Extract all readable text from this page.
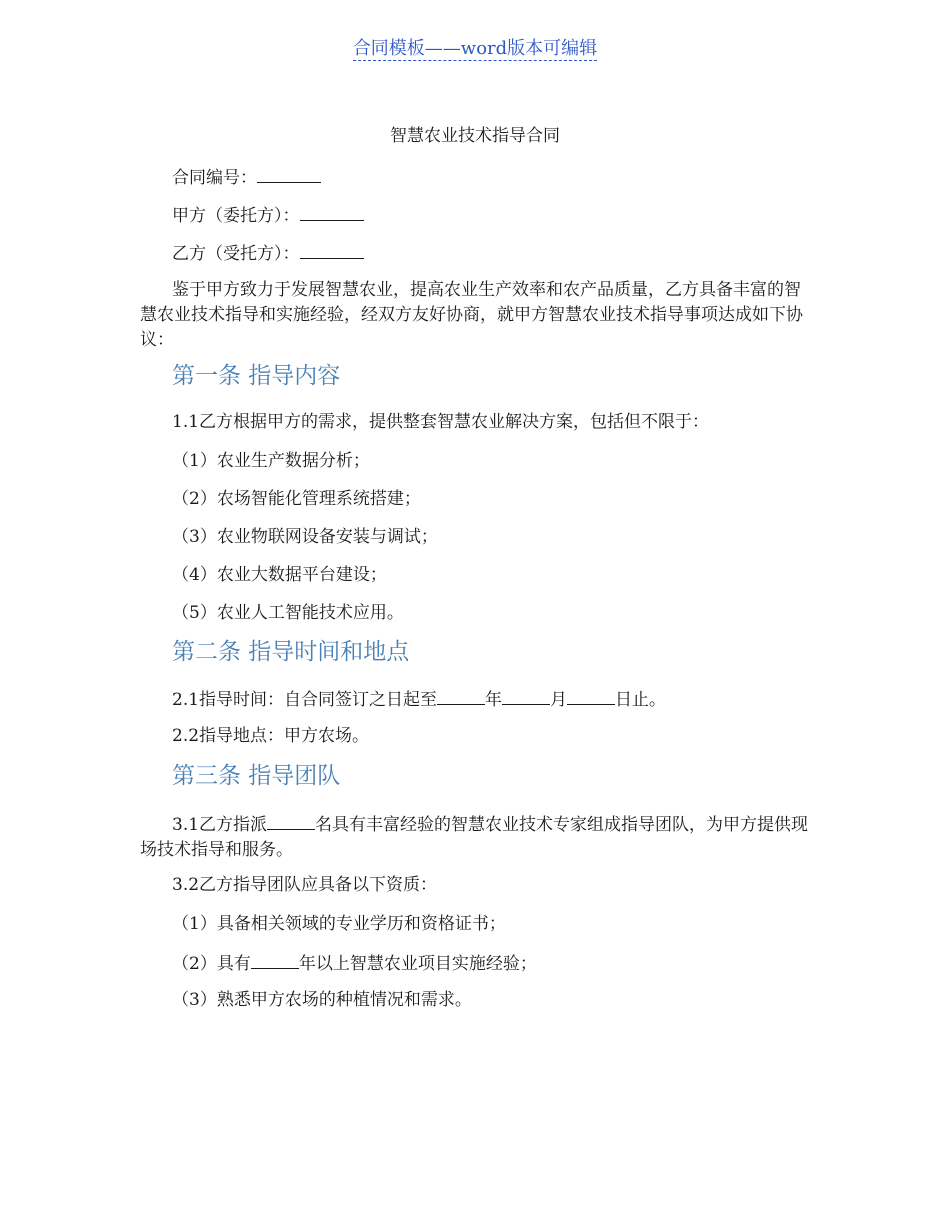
合同模板——word版本可编辑
智慧农业技术指导合同
合同编号：
甲方（委托方）：
乙方（受托方）：
鉴于甲方致力于发展智慧农业，提高农业生产效率和农产品质量，乙方具备丰富的智慧农业技术指导和实施经验，经双方友好协商，就甲方智慧农业技术指导事项达成如下协议：
第一条 指导内容
1.1乙方根据甲方的需求，提供整套智慧农业解决方案，包括但不限于：
（1）农业生产数据分析；
（2）农场智能化管理系统搭建；
（3）农业物联网设备安装与调试；
（4）农业大数据平台建设；
（5）农业人工智能技术应用。
第二条 指导时间和地点
2.1指导时间：自合同签订之日起至	年	月	日止。
2.2指导地点：甲方农场。
第三条 指导团队
3.1乙方指派	名具有丰富经验的智慧农业技术专家组成指导团队，为甲方提供现场技术指导和服务。
3.2乙方指导团队应具备以下资质：
（1）具备相关领域的专业学历和资格证书；
（2）具有	年以上智慧农业项目实施经验；
（3）熟悉甲方农场的种植情况和需求。
